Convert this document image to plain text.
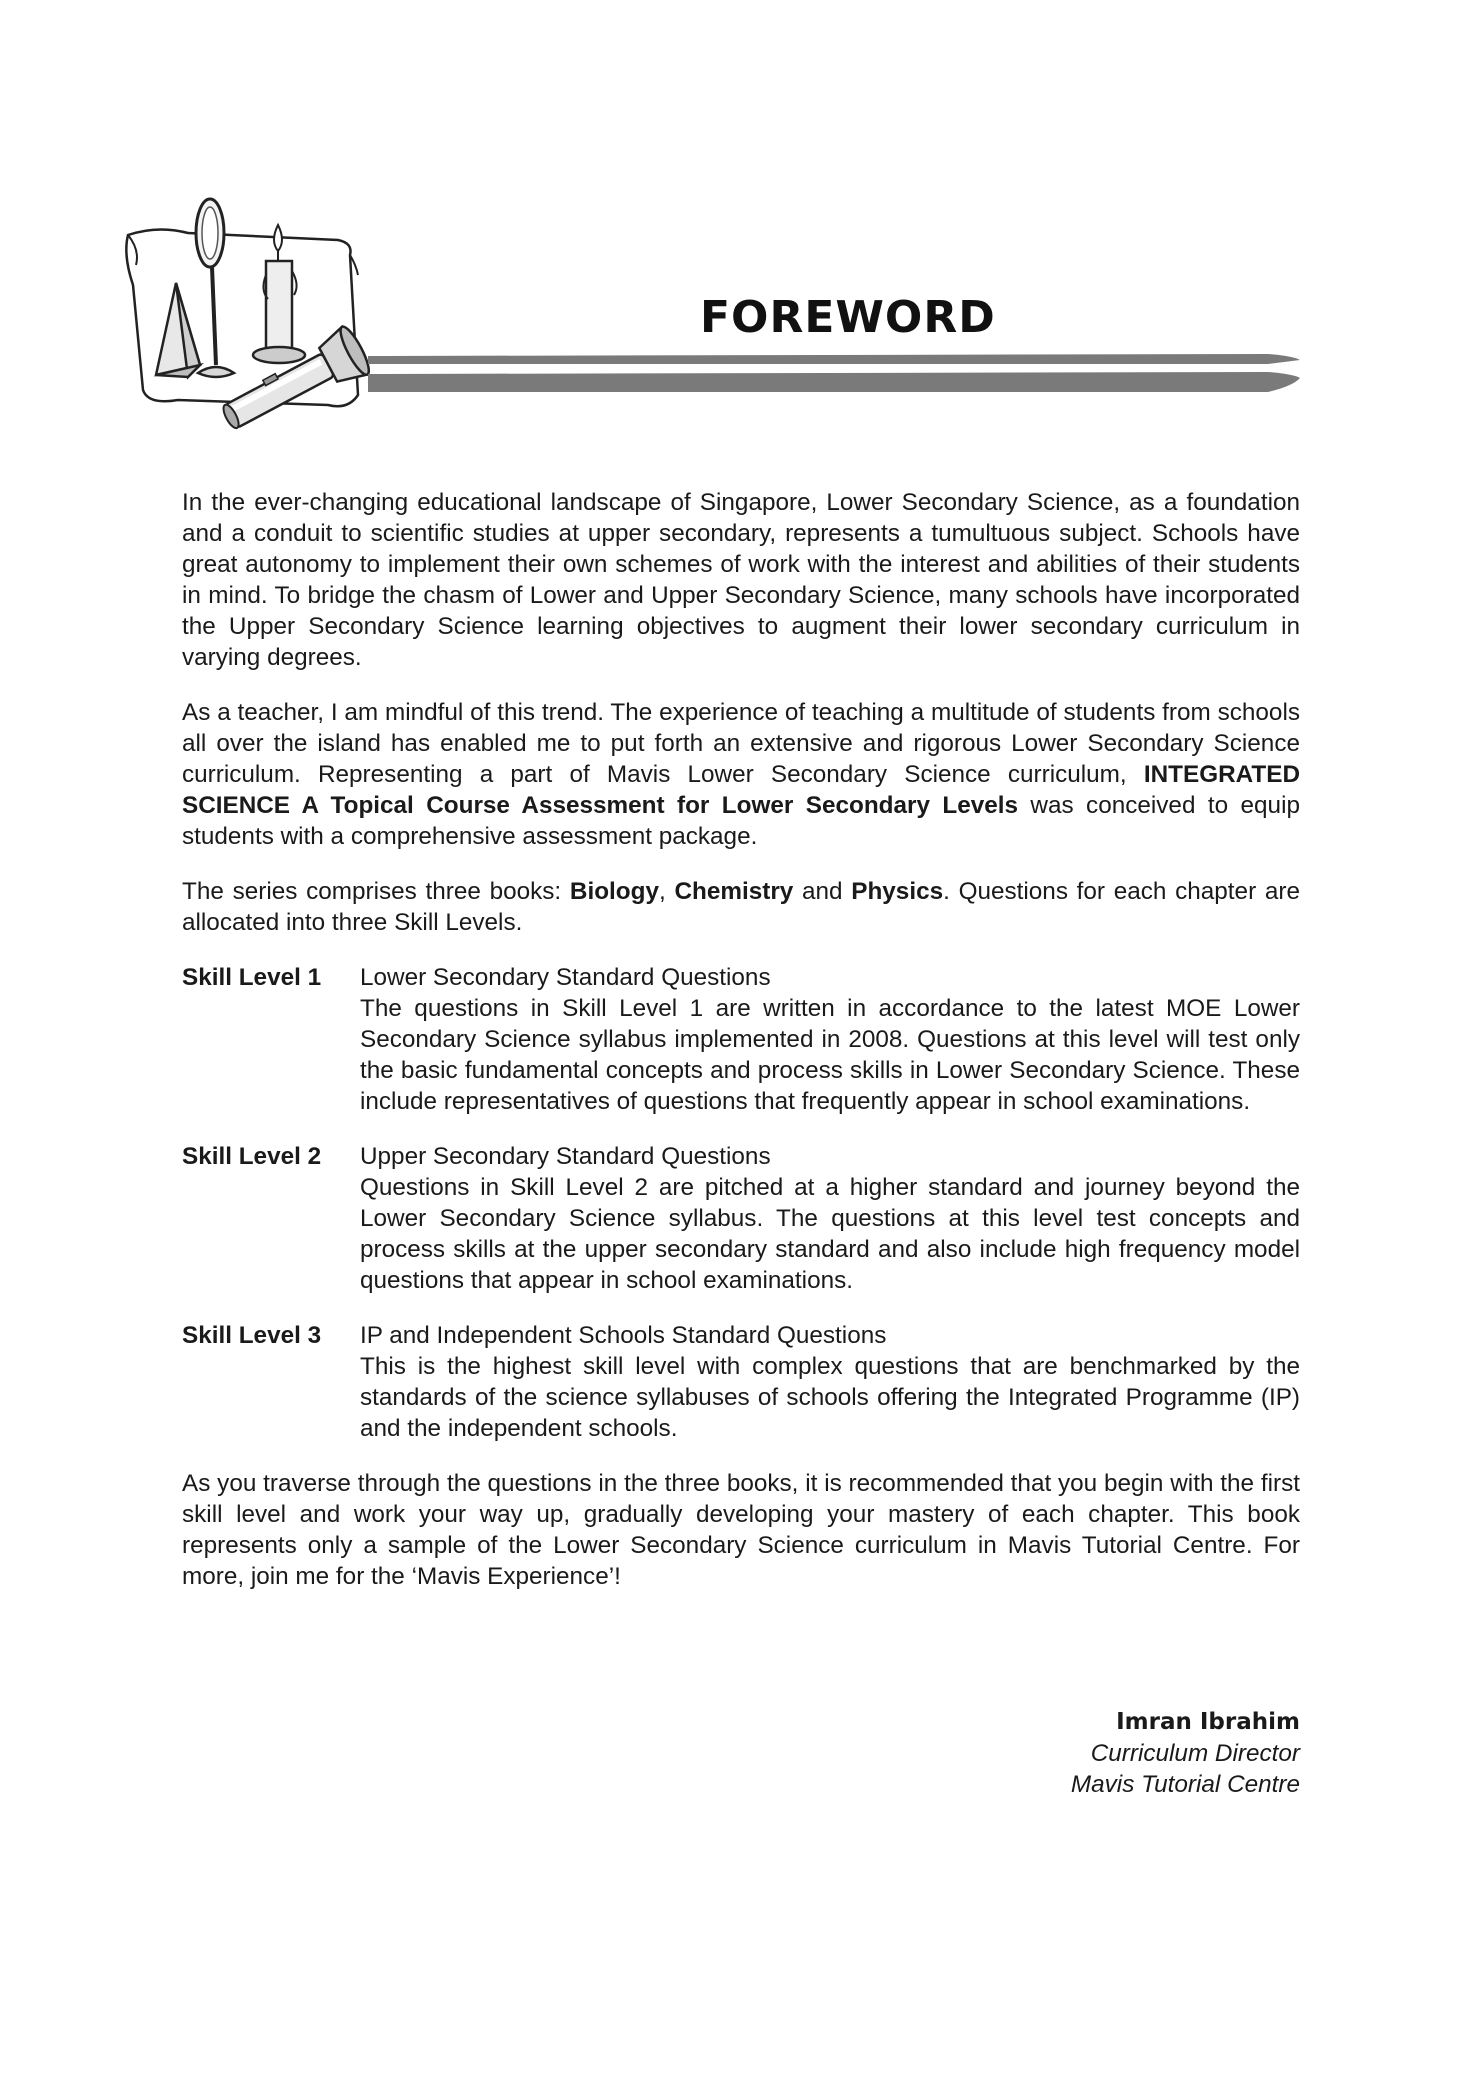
FOREWORD

In the ever-changing educational landscape of Singapore, Lower Secondary Science, as a foundation and a conduit to scientific studies at upper secondary, represents a tumultuous subject. Schools have great autonomy to implement their own schemes of work with the interest and abilities of their students in mind. To bridge the chasm of Lower and Upper Secondary Science, many schools have incorporated the Upper Secondary Science learning objectives to augment their lower secondary curriculum in varying degrees.

As a teacher, I am mindful of this trend. The experience of teaching a multitude of students from schools all over the island has enabled me to put forth an extensive and rigorous Lower Secondary Science curriculum. Representing a part of Mavis Lower Secondary Science curriculum, INTEGRATED SCIENCE A Topical Course Assessment for Lower Secondary Levels was conceived to equip students with a comprehensive assessment package.

The series comprises three books: Biology, Chemistry and Physics. Questions for each chapter are allocated into three Skill Levels.

Skill Level 1	Lower Secondary Standard Questions
The questions in Skill Level 1 are written in accordance to the latest MOE Lower Secondary Science syllabus implemented in 2008. Questions at this level will test only the basic fundamental concepts and process skills in Lower Secondary Science. These include representatives of questions that frequently appear in school examinations.
Skill Level 2	Upper Secondary Standard Questions
Questions in Skill Level 2 are pitched at a higher standard and journey beyond the Lower Secondary Science syllabus. The questions at this level test concepts and process skills at the upper secondary standard and also include high frequency model questions that appear in school examinations.
Skill Level 3	IP and Independent Schools Standard Questions
This is the highest skill level with complex questions that are benchmarked by the standards of the science syllabuses of schools offering the Integrated Programme (IP) and the independent schools.

As you traverse through the questions in the three books, it is recommended that you begin with the first skill level and work your way up, gradually developing your mastery of each chapter. This book represents only a sample of the Lower Secondary Science curriculum in Mavis Tutorial Centre. For more, join me for the ‘Mavis Experience’!

Imran Ibrahim
Curriculum Director
Mavis Tutorial Centre
